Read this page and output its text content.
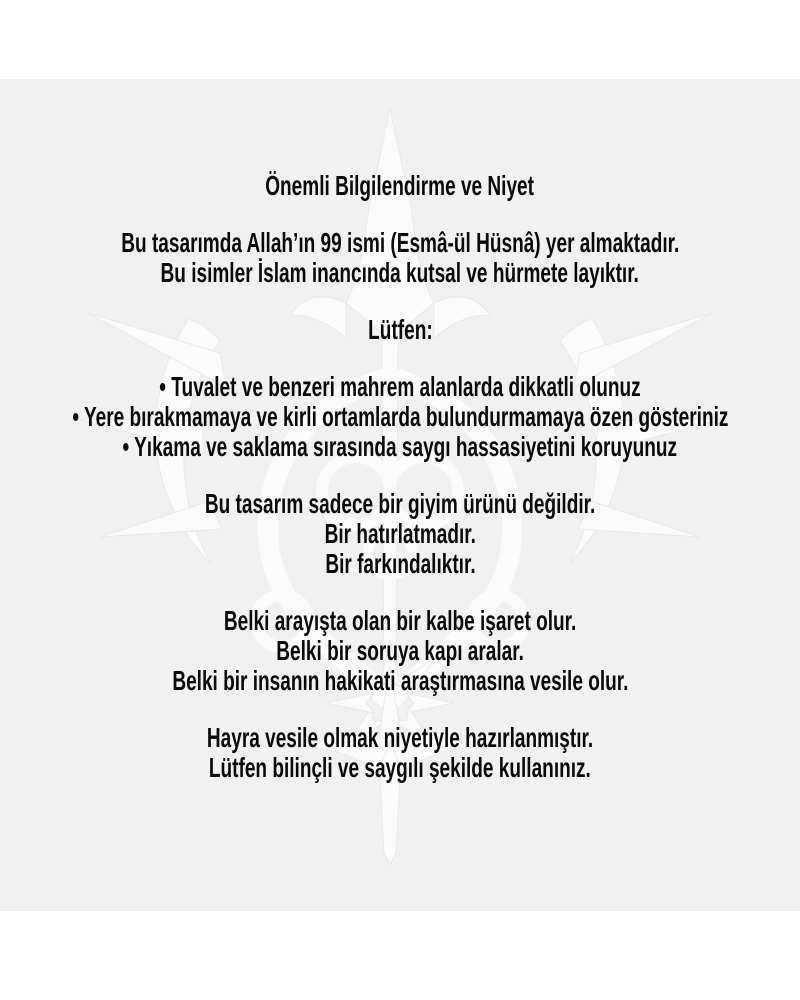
Önemli Bilgilendirme ve Niyet
Bu tasarımda Allah’ın 99 ismi (Esmâ-ül Hüsnâ) yer almaktadır.
Bu isimler İslam inancında kutsal ve hürmete layıktır.
Lütfen:
• Tuvalet ve benzeri mahrem alanlarda dikkatli olunuz
• Yere bırakmamaya ve kirli ortamlarda bulundurmamaya özen gösteriniz
• Yıkama ve saklama sırasında saygı hassasiyetini koruyunuz
Bu tasarım sadece bir giyim ürünü değildir.
Bir hatırlatmadır.
Bir farkındalıktır.
Belki arayışta olan bir kalbe işaret olur.
Belki bir soruya kapı aralar.
Belki bir insanın hakikati araştırmasına vesile olur.
Hayra vesile olmak niyetiyle hazırlanmıştır.
Lütfen bilinçli ve saygılı şekilde kullanınız.
